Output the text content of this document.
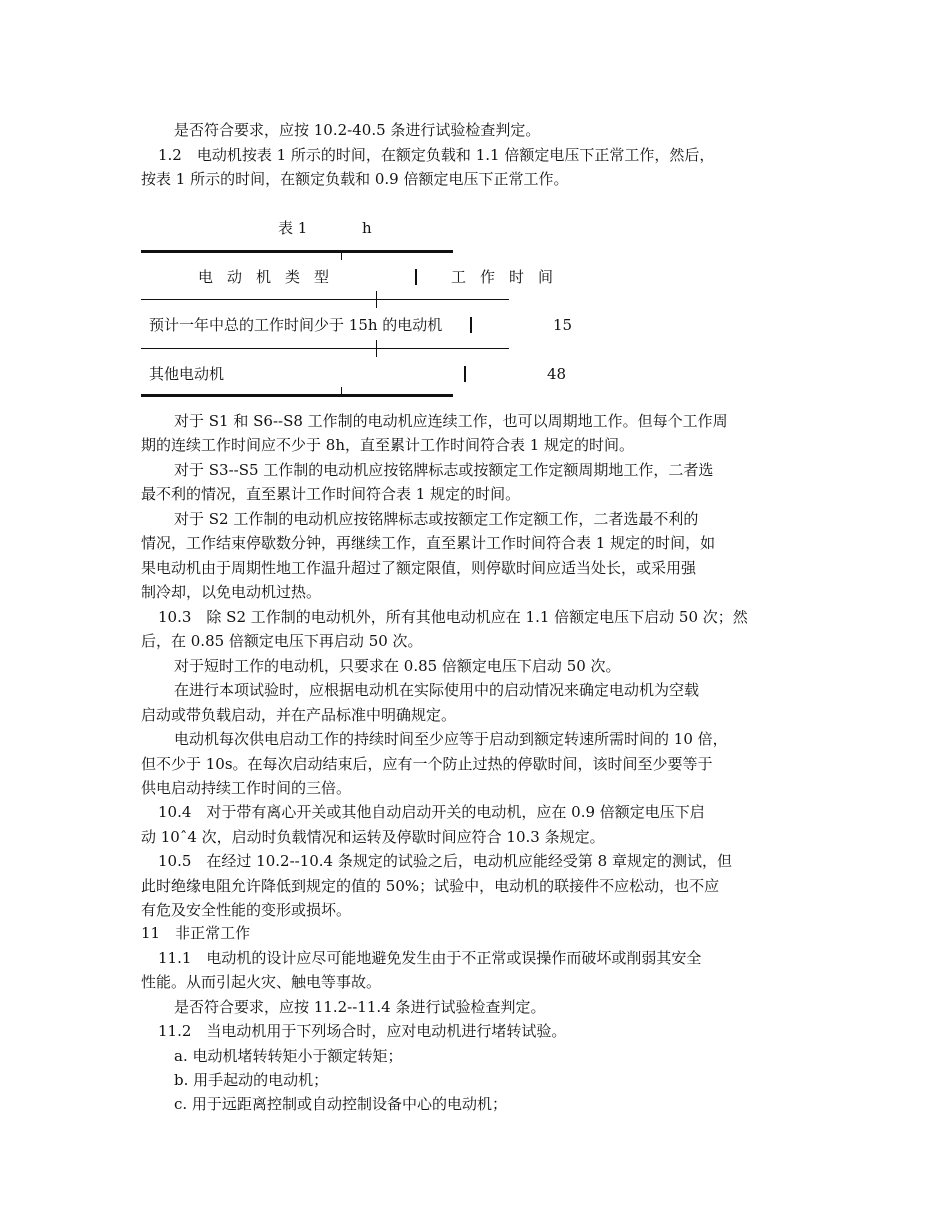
是否符合要求，应按 10.2-40.5 条进行试验检查判定。
1.2　电动机按表 1 所示的时间，在额定负载和 1.1 倍额定电压下正常工作，然后，
按表 1 所示的时间，在额定负载和 0.9 倍额定电压下正常工作。
表 1	h
电动机类型	工作时间
预计一年中总的工作时间少于 15h 的电动机	15
其他电动机	48
对于 S1 和 S6--S8 工作制的电动机应连续工作，也可以周期地工作。但每个工作周
期的连续工作时间应不少于 8h，直至累计工作时间符合表 1 规定的时间。
对于 S3--S5 工作制的电动机应按铭牌标志或按额定工作定额周期地工作，二者选
最不利的情况，直至累计工作时间符合表 1 规定的时间。
对于 S2 工作制的电动机应按铭牌标志或按额定工作定额工作，二者选最不利的
情况，工作结束停歇数分钟，再继续工作，直至累计工作时间符合表 1 规定的时间，如
果电动机由于周期性地工作温升超过了额定限值，则停歇时间应适当处长，或采用强
制冷却，以免电动机过热。
10.3　除 S2 工作制的电动机外，所有其他电动机应在 1.1 倍额定电压下启动 50 次；然
后，在 0.85 倍额定电压下再启动 50 次。
对于短时工作的电动机，只要求在 0.85 倍额定电压下启动 50 次。
在进行本项试验时，应根据电动机在实际使用中的启动情况来确定电动机为空载
启动或带负载启动，并在产品标准中明确规定。
电动机每次供电启动工作的持续时间至少应等于启动到额定转速所需时间的 10 倍，
但不少于 10s。在每次启动结束后，应有一个防止过热的停歇时间，该时间至少要等于
供电启动持续工作时间的三倍。
10.4　对于带有离心开关或其他自动启动开关的电动机，应在 0.9 倍额定电压下启
动 10ˆ4 次，启动时负载情况和运转及停歇时间应符合 10.3 条规定。
10.5　在经过 10.2--10.4 条规定的试验之后，电动机应能经受第 8 章规定的测试，但
此时绝缘电阻允许降低到规定的值的 50%；试验中，电动机的联接件不应松动，也不应
有危及安全性能的变形或损坏。
11　非正常工作
11.1　电动机的设计应尽可能地避免发生由于不正常或误操作而破坏或削弱其安全
性能。从而引起火灾、触电等事故。
是否符合要求，应按 11.2--11.4 条进行试验检查判定。
11.2　当电动机用于下列场合时，应对电动机进行堵转试验。
a. 电动机堵转转矩小于额定转矩；
b. 用手起动的电动机；
c. 用于远距离控制或自动控制设备中心的电动机；
